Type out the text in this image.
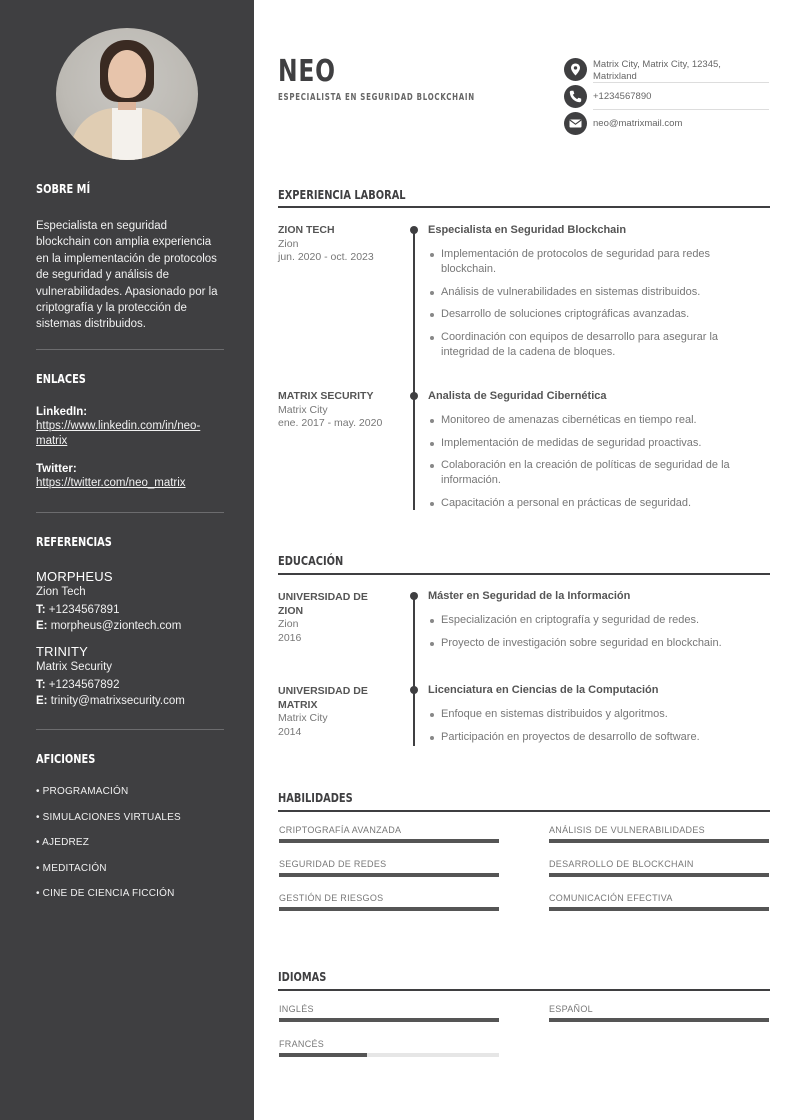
SOBRE MÍ
Especialista en seguridad blockchain con amplia experiencia en la implementación de protocolos de seguridad y análisis de vulnerabilidades. Apasionado por la criptografía y la protección de sistemas distribuidos.
ENLACES
LinkedIn:
https://www.linkedin.com/in/neo-matrix
Twitter:
https://twitter.com/neo_matrix
REFERENCIAS
MORPHEUS
Zion Tech
T: +1234567891
E: morpheus@ziontech.com
TRINITY
Matrix Security
T: +1234567892
E: trinity@matrixsecurity.com
AFICIONES
• PROGRAMACIÓN
• SIMULACIONES VIRTUALES
• AJEDREZ
• MEDITACIÓN
• CINE DE CIENCIA FICCIÓN
NEO
ESPECIALISTA EN SEGURIDAD BLOCKCHAIN
Matrix City, Matrix City, 12345, Matrixland
+1234567890
neo@matrixmail.com
EXPERIENCIA LABORAL
ZION TECH
Zion
jun. 2020 - oct. 2023
Especialista en Seguridad Blockchain
Implementación de protocolos de seguridad para redes blockchain.
Análisis de vulnerabilidades en sistemas distribuidos.
Desarrollo de soluciones criptográficas avanzadas.
Coordinación con equipos de desarrollo para asegurar la integridad de la cadena de bloques.
MATRIX SECURITY
Matrix City
ene. 2017 - may. 2020
Analista de Seguridad Cibernética
Monitoreo de amenazas cibernéticas en tiempo real.
Implementación de medidas de seguridad proactivas.
Colaboración en la creación de políticas de seguridad de la información.
Capacitación a personal en prácticas de seguridad.
EDUCACIÓN
UNIVERSIDAD DE ZION
Zion
2016
Máster en Seguridad de la Información
Especialización en criptografía y seguridad de redes.
Proyecto de investigación sobre seguridad en blockchain.
UNIVERSIDAD DE MATRIX
Matrix City
2014
Licenciatura en Ciencias de la Computación
Enfoque en sistemas distribuidos y algoritmos.
Participación en proyectos de desarrollo de software.
HABILIDADES
CRIPTOGRAFÍA AVANZADA	ANÁLISIS DE VULNERABILIDADES
SEGURIDAD DE REDES	DESARROLLO DE BLOCKCHAIN
GESTIÓN DE RIESGOS	COMUNICACIÓN EFECTIVA
IDIOMAS
INGLÉS	ESPAÑOL
FRANCÉS
